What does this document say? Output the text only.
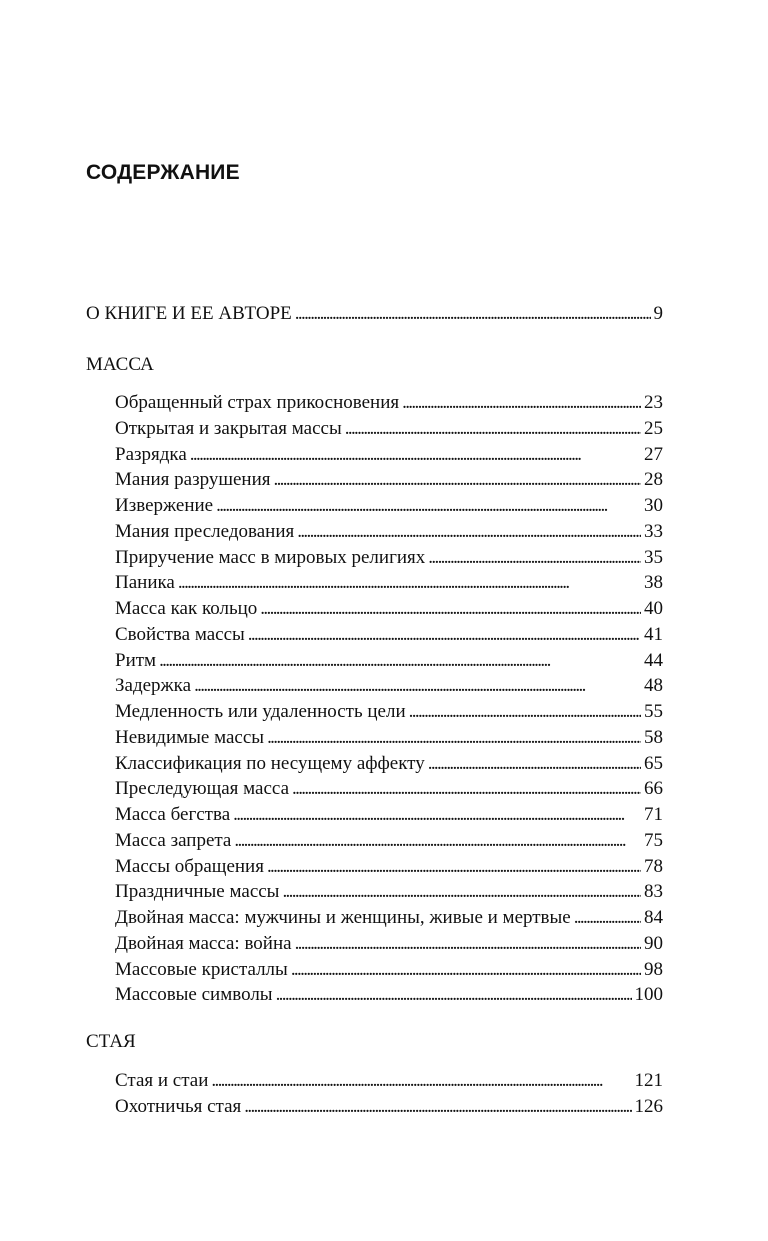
СОДЕРЖАНИЕ
О КНИГЕ И ЕЕ АВТОРЕ . . .	9
МАССА
Обращенный страх прикосновения . . .	23
Открытая и закрытая массы . . .	25
Разрядка . . .	27
Мания разрушения . . .	28
Извержение . . .	30
Мания преследования . . .	33
Приручение масс в мировых религиях . . .	35
Паника . . .	38
Масса как кольцо . . .	40
Свойства массы . . .	41
Ритм . . .	44
Задержка . . .	48
Медленность или удаленность цели . . .	55
Невидимые массы . . .	58
Классификация по несущему аффекту . . .	65
Преследующая масса . . .	66
Масса бегства . . .	71
Масса запрета . . .	75
Массы обращения . . .	78
Праздничные массы . . .	83
Двойная масса: мужчины и женщины, живые и мертвые . . .	84
Двойная масса: война . . .	90
Массовые кристаллы . . .	98
Массовые символы . . .	100
СТАЯ
Стая и стаи . . .	121
Охотничья стая . . .	126
